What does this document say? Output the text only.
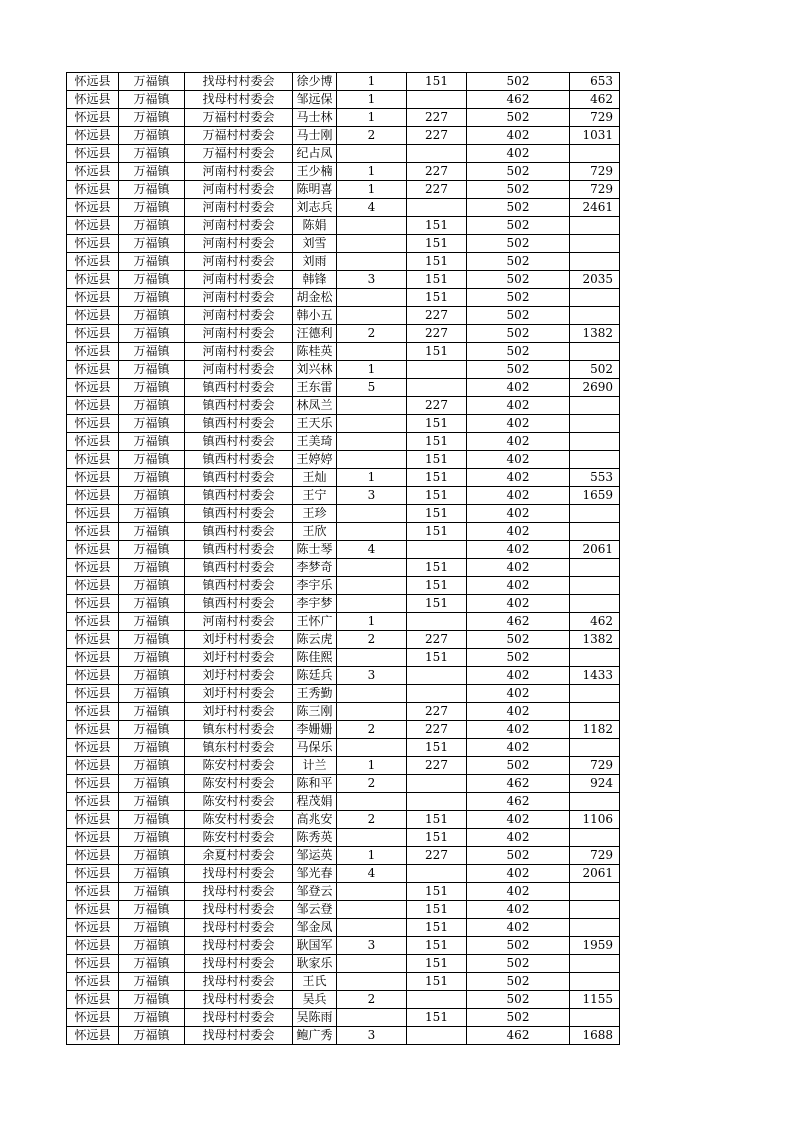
怀远县	万福镇	找母村村委会	徐少博	1	151	502	653
怀远县	万福镇	找母村村委会	邹远保	1		462	462
怀远县	万福镇	万福村村委会	马士林	1	227	502	729
怀远县	万福镇	万福村村委会	马士刚	2	227	402	1031
怀远县	万福镇	万福村村委会	纪占凤			402	
怀远县	万福镇	河南村村委会	王少楠	1	227	502	729
怀远县	万福镇	河南村村委会	陈明喜	1	227	502	729
怀远县	万福镇	河南村村委会	刘志兵	4		502	2461
怀远县	万福镇	河南村村委会	陈娟		151	502	
怀远县	万福镇	河南村村委会	刘雪		151	502	
怀远县	万福镇	河南村村委会	刘雨		151	502	
怀远县	万福镇	河南村村委会	韩锋	3	151	502	2035
怀远县	万福镇	河南村村委会	胡金松		151	502	
怀远县	万福镇	河南村村委会	韩小五		227	502	
怀远县	万福镇	河南村村委会	汪德利	2	227	502	1382
怀远县	万福镇	河南村村委会	陈桂英		151	502	
怀远县	万福镇	河南村村委会	刘兴林	1		502	502
怀远县	万福镇	镇西村村委会	王东雷	5		402	2690
怀远县	万福镇	镇西村村委会	林凤兰		227	402	
怀远县	万福镇	镇西村村委会	王天乐		151	402	
怀远县	万福镇	镇西村村委会	王美琦		151	402	
怀远县	万福镇	镇西村村委会	王婷婷		151	402	
怀远县	万福镇	镇西村村委会	王灿	1	151	402	553
怀远县	万福镇	镇西村村委会	王宁	3	151	402	1659
怀远县	万福镇	镇西村村委会	王珍		151	402	
怀远县	万福镇	镇西村村委会	王欣		151	402	
怀远县	万福镇	镇西村村委会	陈士琴	4		402	2061
怀远县	万福镇	镇西村村委会	李梦奇		151	402	
怀远县	万福镇	镇西村村委会	李宇乐		151	402	
怀远县	万福镇	镇西村村委会	李宇梦		151	402	
怀远县	万福镇	河南村村委会	王怀广	1		462	462
怀远县	万福镇	刘圩村村委会	陈云虎	2	227	502	1382
怀远县	万福镇	刘圩村村委会	陈佳熙		151	502	
怀远县	万福镇	刘圩村村委会	陈廷兵	3		402	1433
怀远县	万福镇	刘圩村村委会	王秀勤			402	
怀远县	万福镇	刘圩村村委会	陈三刚		227	402	
怀远县	万福镇	镇东村村委会	李姗姗	2	227	402	1182
怀远县	万福镇	镇东村村委会	马保乐		151	402	
怀远县	万福镇	陈安村村委会	计兰	1	227	502	729
怀远县	万福镇	陈安村村委会	陈和平	2		462	924
怀远县	万福镇	陈安村村委会	程茂娟			462	
怀远县	万福镇	陈安村村委会	高兆安	2	151	402	1106
怀远县	万福镇	陈安村村委会	陈秀英		151	402	
怀远县	万福镇	余夏村村委会	邹运英	1	227	502	729
怀远县	万福镇	找母村村委会	邹光春	4		402	2061
怀远县	万福镇	找母村村委会	邹登云		151	402	
怀远县	万福镇	找母村村委会	邹云登		151	402	
怀远县	万福镇	找母村村委会	邹金凤		151	402	
怀远县	万福镇	找母村村委会	耿国军	3	151	502	1959
怀远县	万福镇	找母村村委会	耿家乐		151	502	
怀远县	万福镇	找母村村委会	王氏		151	502	
怀远县	万福镇	找母村村委会	吴兵	2		502	1155
怀远县	万福镇	找母村村委会	吴陈雨		151	502	
怀远县	万福镇	找母村村委会	鲍广秀	3		462	1688
